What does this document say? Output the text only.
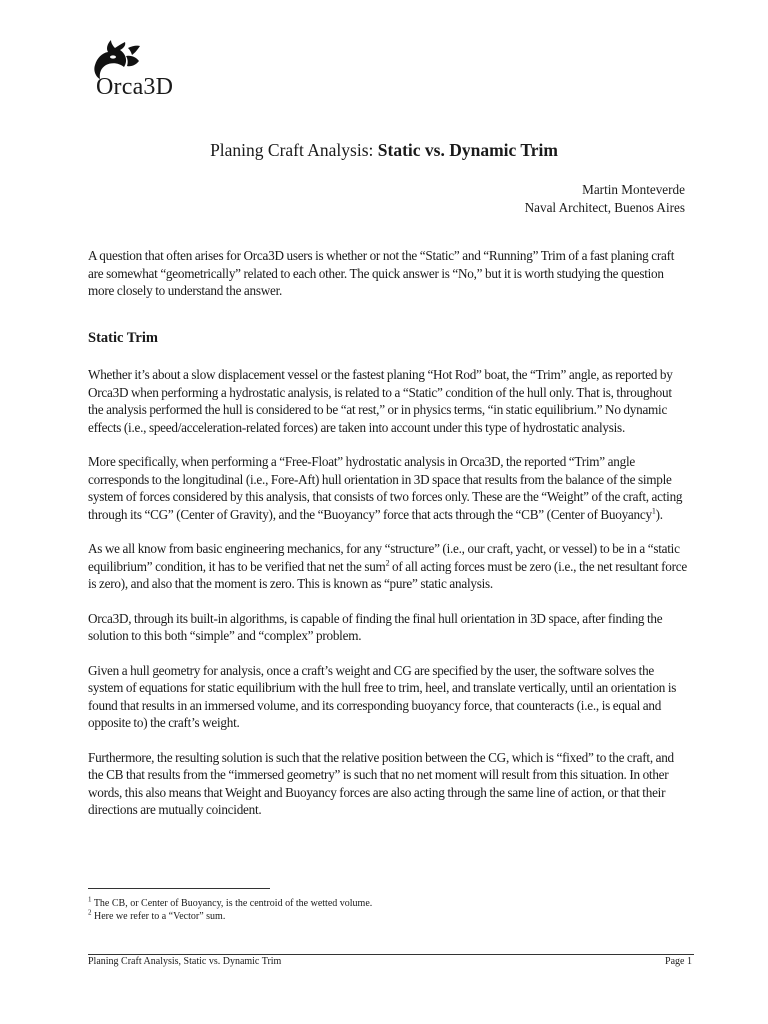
Orca3D
Planing Craft Analysis: Static vs. Dynamic Trim
Martin Monteverde
Naval Architect, Buenos Aires

A question that often arises for Orca3D users is whether or not the “Static” and “Running” Trim of a fast planing craft are somewhat “geometrically” related to each other. The quick answer is “No,” but it is worth studying the question more closely to understand the answer.

Static Trim

Whether it’s about a slow displacement vessel or the fastest planing “Hot Rod” boat, the “Trim” angle, as reported by Orca3D when performing a hydrostatic analysis, is related to a “Static” condition of the hull only. That is, throughout the analysis performed the hull is considered to be “at rest,” or in physics terms, “in static equilibrium.” No dynamic effects (i.e., speed/acceleration-related forces) are taken into account under this type of hydrostatic analysis.

More specifically, when performing a “Free-Float” hydrostatic analysis in Orca3D, the reported “Trim” angle corresponds to the longitudinal (i.e., Fore-Aft) hull orientation in 3D space that results from the balance of the simple system of forces considered by this analysis, that consists of two forces only. These are the “Weight” of the craft, acting through its “CG” (Center of Gravity), and the “Buoyancy” force that acts through the “CB” (Center of Buoyancy$^1$).

As we all know from basic engineering mechanics, for any “structure” (i.e., our craft, yacht, or vessel) to be in a “static equilibrium” condition, it has to be verified that net the sum$^2$ of all acting forces must be zero (i.e., the net resultant force is zero), and also that the moment is zero. This is known as “pure” static analysis.

Orca3D, through its built-in algorithms, is capable of finding the final hull orientation in 3D space, after finding the solution to this both “simple” and “complex” problem.

Given a hull geometry for analysis, once a craft’s weight and CG are specified by the user, the software solves the system of equations for static equilibrium with the hull free to trim, heel, and translate vertically, until an orientation is found that results in an immersed volume, and its corresponding buoyancy force, that counteracts (i.e., is equal and opposite to) the craft’s weight.

Furthermore, the resulting solution is such that the relative position between the CG, which is “fixed” to the craft, and the CB that results from the “immersed geometry” is such that no net moment will result from this situation. In other words, this also means that Weight and Buoyancy forces are also acting through the same line of action, or that their directions are mutually coincident.

$^1$ The CB, or Center of Buoyancy, is the centroid of the wetted volume.
$^2$ Here we refer to a “Vector” sum.
Planing Craft Analysis, Static vs. Dynamic Trim	Page 1
